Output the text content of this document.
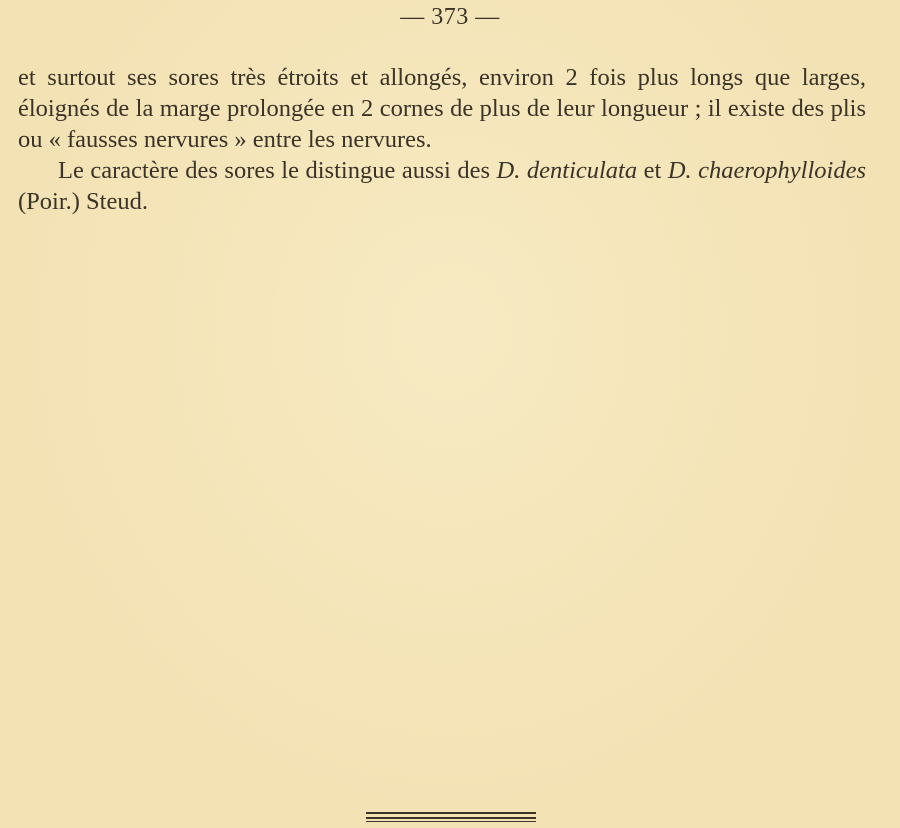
— 373 —

et surtout ses sores très étroits et allongés, environ 2 fois plus longs que larges, éloignés de la marge prolongée en 2 cornes de plus de leur longueur ; il existe des plis ou « fausses nervures » entre les nervures.

Le caractère des sores le distingue aussi des D. denticulata et D. chaerophylloides (Poir.) Steud.
